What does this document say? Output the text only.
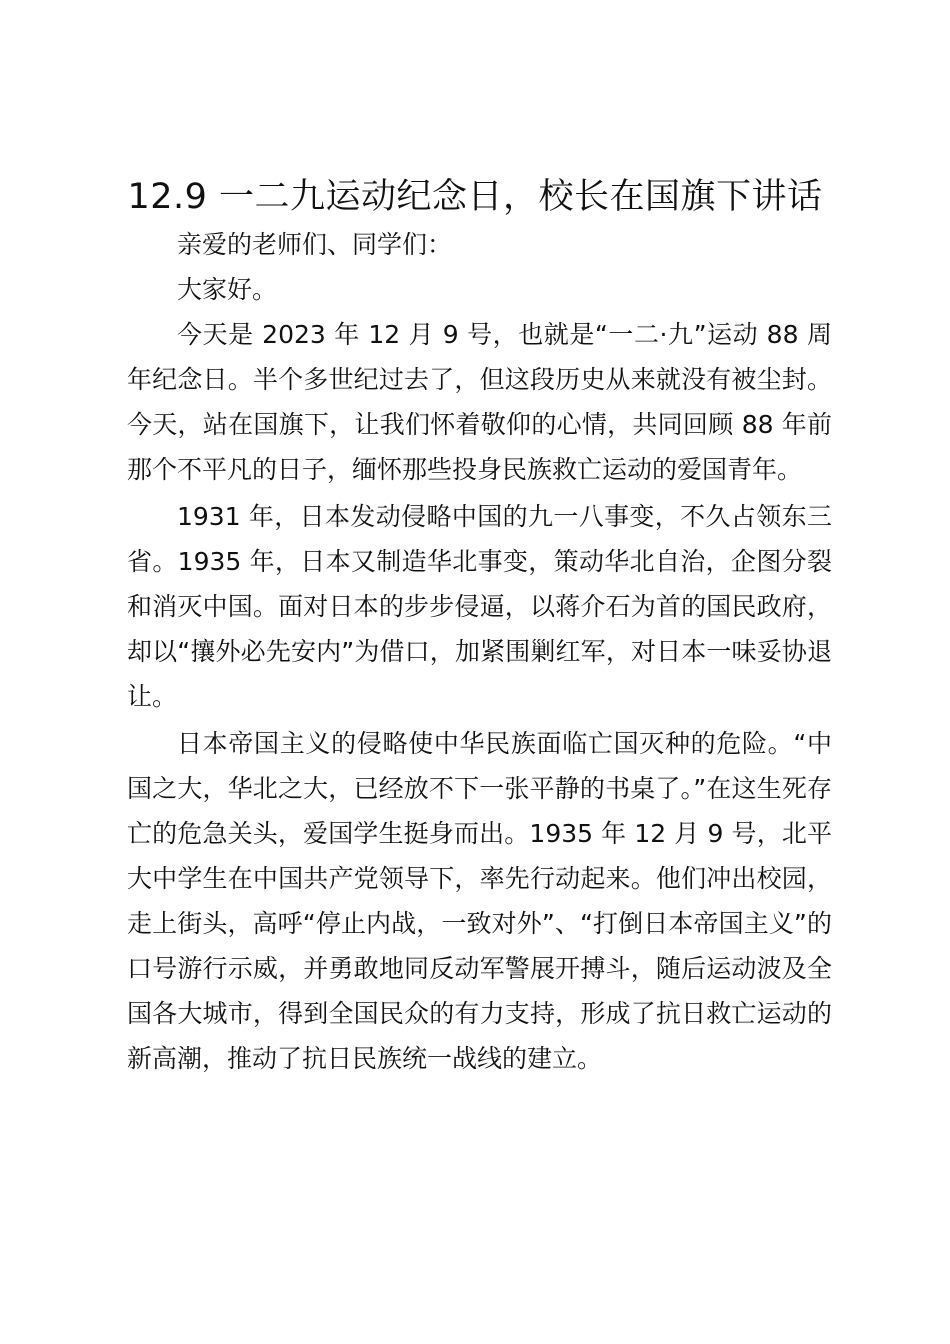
12.9 一二九运动纪念日，校长在国旗下讲话

亲爱的老师们、同学们：

大家好。

今天是 2023 年 12 月 9 号，也就是“一二·九”运动 88 周年纪念日。半个多世纪过去了，但这段历史从来就没有被尘封。今天，站在国旗下，让我们怀着敬仰的心情，共同回顾 88 年前那个不平凡的日子，缅怀那些投身民族救亡运动的爱国青年。

1931 年，日本发动侵略中国的九一八事变，不久占领东三省。1935 年，日本又制造华北事变，策动华北自治，企图分裂和消灭中国。面对日本的步步侵逼，以蒋介石为首的国民政府，却以“攘外必先安内”为借口，加紧围剿红军，对日本一味妥协退让。

日本帝国主义的侵略使中华民族面临亡国灭种的危险。“中国之大，华北之大，已经放不下一张平静的书桌了。”在这生死存亡的危急关头，爱国学生挺身而出。1935 年 12 月 9 号，北平大中学生在中国共产党领导下，率先行动起来。他们冲出校园，走上街头，高呼“停止内战，一致对外”、“打倒日本帝国主义”的口号游行示威，并勇敢地同反动军警展开搏斗，随后运动波及全国各大城市，得到全国民众的有力支持，形成了抗日救亡运动的新高潮，推动了抗日民族统一战线的建立。
